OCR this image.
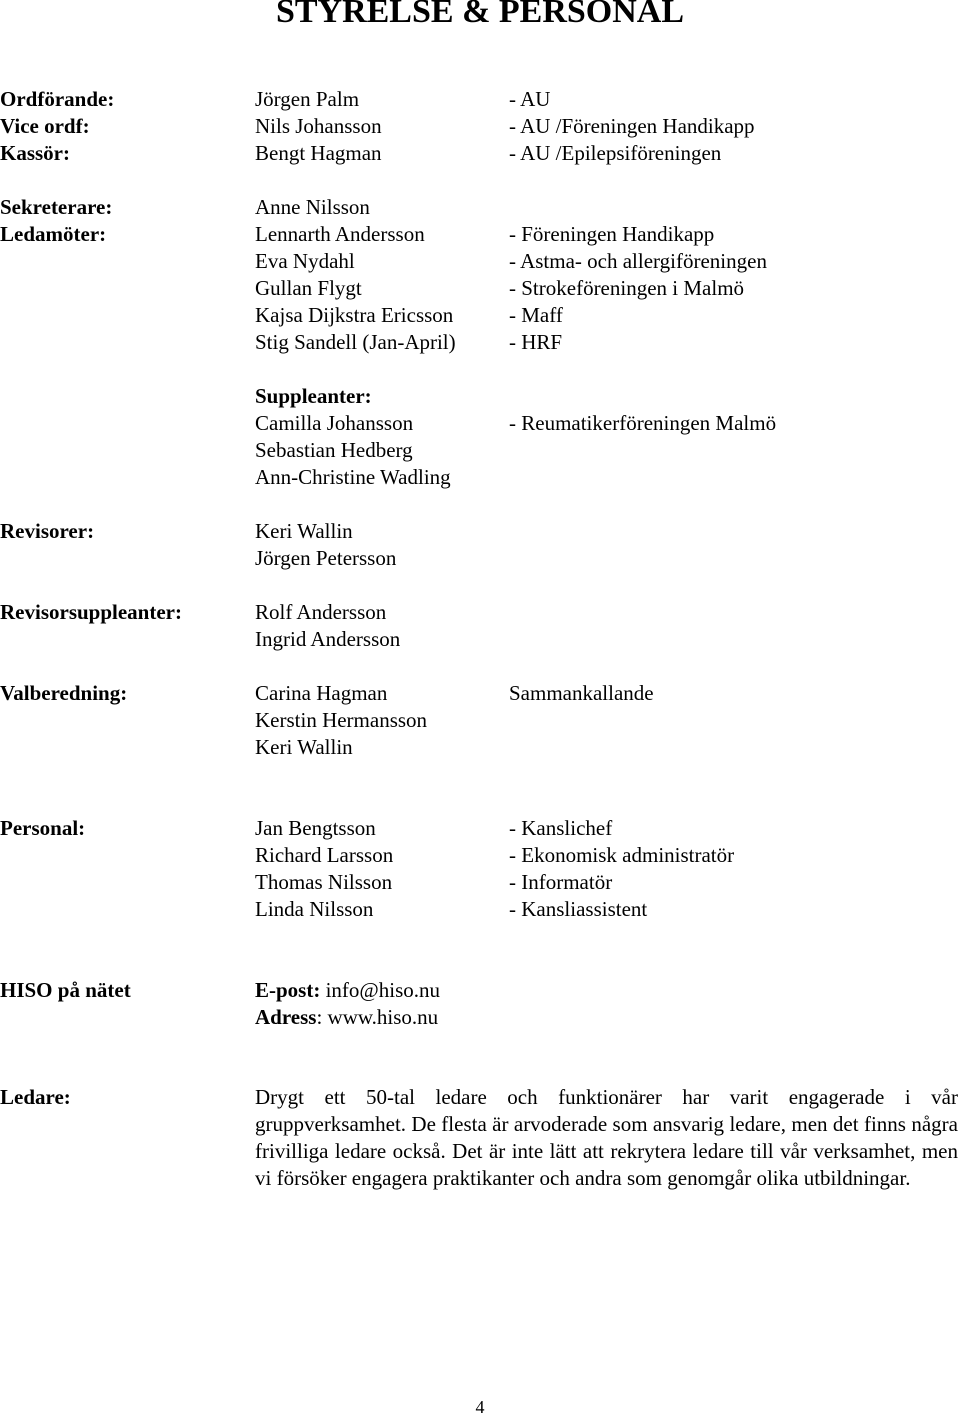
STYRELSE & PERSONAL
Ordförande:	Jörgen Palm	- AU
Vice ordf:	Nils Johansson	- AU /Föreningen Handikapp
Kassör:	Bengt Hagman	- AU /Epilepsiföreningen
Sekreterare:	Anne Nilsson
Ledamöter:	Lennarth Andersson	- Föreningen Handikapp
Eva Nydahl	- Astma- och allergiföreningen
Gullan Flygt	- Strokeföreningen i Malmö
Kajsa Dijkstra Ericsson	- Maff
Stig Sandell (Jan-April)	- HRF
Suppleanter:
Camilla Johansson	- Reumatikerföreningen Malmö
Sebastian Hedberg
Ann-Christine Wadling
Revisorer:	Keri Wallin
Jörgen Petersson
Revisorsuppleanter:	Rolf Andersson
Ingrid Andersson
Valberedning:	Carina Hagman	Sammankallande
Kerstin Hermansson
Keri Wallin
Personal:	Jan Bengtsson	- Kanslichef
Richard Larsson	- Ekonomisk administratör
Thomas Nilsson	- Informatör
Linda Nilsson	- Kansliassistent
HISO på nätet	E-post: info@hiso.nu
Adress: www.hiso.nu
Ledare:	Drygt ett 50-tal ledare och funktionärer har varit engagerade i vår gruppverksamhet. De flesta är arvoderade som ansvarig ledare, men det finns några frivilliga ledare också. Det är inte lätt att rekrytera ledare till vår verksamhet, men vi försöker engagera praktikanter och andra som genomgår olika utbildningar.
4
